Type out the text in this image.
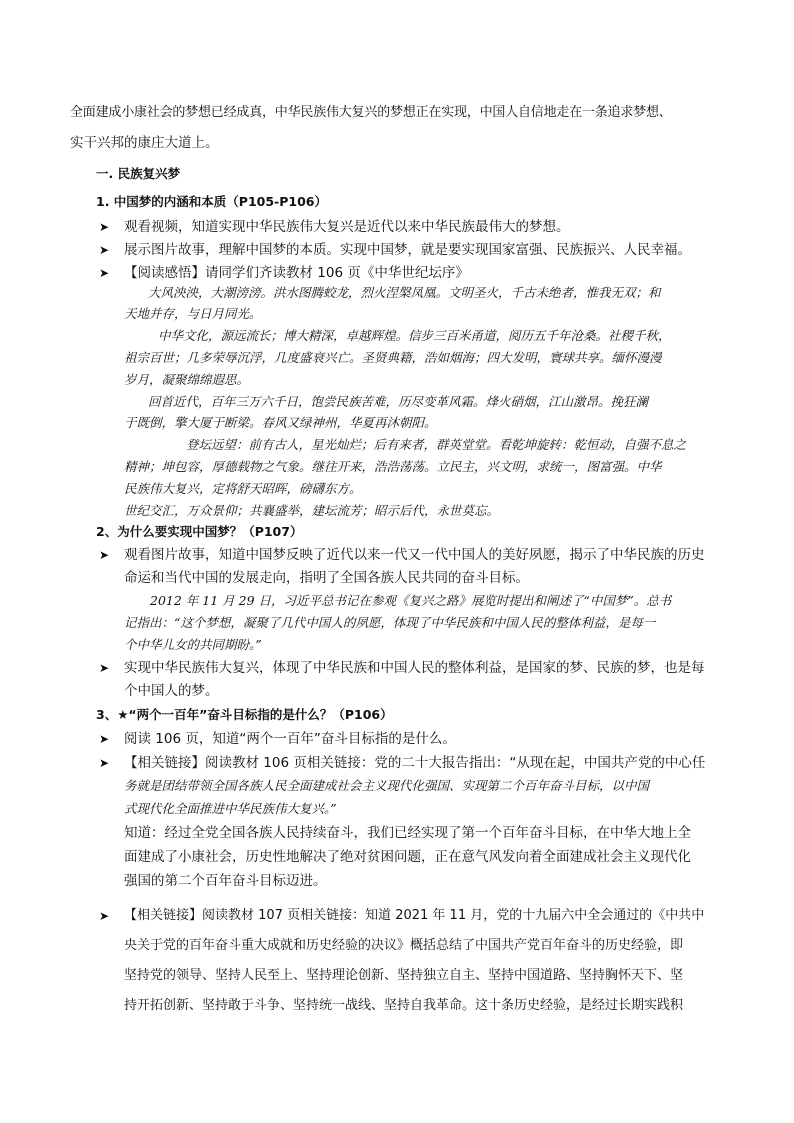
全面建成小康社会的梦想已经成真，中华民族伟大复兴的梦想正在实现，中国人自信地走在一条追求梦想、
实干兴邦的康庄大道上。
一. 民族复兴梦
1. 中国梦的内涵和本质（P105-P106）
➤ 观看视频，知道实现中华民族伟大复兴是近代以来中华民族最伟大的梦想。
➤ 展示图片故事，理解中国梦的本质。实现中国梦，就是要实现国家富强、民族振兴、人民幸福。
➤ 【阅读感悟】请同学们齐读教材 106 页《中华世纪坛序》
大风泱泱，大潮滂滂。洪水图腾蛟龙，烈火涅槃凤凰。文明圣火，千古未绝者，惟我无双；和
天地并存，与日月同光。
中华文化，源远流长；博大精深，卓越辉煌。信步三百米甬道，阅历五千年沧桑。社稷千秋，
祖宗百世；几多荣辱沉浮，几度盛衰兴亡。圣贤典籍，浩如烟海；四大发明，寰球共享。缅怀漫漫
岁月，凝聚绵绵遐思。
回首近代，百年三万六千日，饱尝民族苦难，历尽变革风霜。烽火硝烟，江山激昂。挽狂澜
于既倒，擎大厦于断梁。春风又绿神州，华夏再沐朝阳。
登坛远望：前有古人，星光灿烂；后有来者，群英堂堂。看乾坤旋转：乾恒动，自强不息之
精神；坤包容，厚德载物之气象。继往开来，浩浩荡荡。立民主，兴文明，求统一，图富强。中华
民族伟大复兴，定将舒天昭晖，磅礴东方。
世纪交汇，万众景仰；共襄盛举，建坛流芳；昭示后代，永世莫忘。
2、为什么要实现中国梦？（P107）
➤ 观看图片故事，知道中国梦反映了近代以来一代又一代中国人的美好夙愿，揭示了中华民族的历史
命运和当代中国的发展走向，指明了全国各族人民共同的奋斗目标。
2012 年 11 月 29 日，习近平总书记在参观《复兴之路》展览时提出和阐述了“中国梦”。总书
记指出：“这个梦想，凝聚了几代中国人的夙愿，体现了中华民族和中国人民的整体利益，是每一
个中华儿女的共同期盼。”
➤ 实现中华民族伟大复兴，体现了中华民族和中国人民的整体利益，是国家的梦、民族的梦，也是每
个中国人的梦。
3、★“两个一百年”奋斗目标指的是什么？（P106）
➤ 阅读 106 页，知道“两个一百年”奋斗目标指的是什么。
➤ 【相关链接】阅读教材 106 页相关链接：党的二十大报告指出：“从现在起，中国共产党的中心任
务就是团结带领全国各族人民全面建成社会主义现代化强国、实现第二个百年奋斗目标，以中国
式现代化全面推进中华民族伟大复兴。”
知道：经过全党全国各族人民持续奋斗，我们已经实现了第一个百年奋斗目标，在中华大地上全
面建成了小康社会，历史性地解决了绝对贫困问题，正在意气风发向着全面建成社会主义现代化
强国的第二个百年奋斗目标迈进。
➤ 【相关链接】阅读教材 107 页相关链接：知道 2021 年 11 月，党的十九届六中全会通过的《中共中
央关于党的百年奋斗重大成就和历史经验的决议》概括总结了中国共产党百年奋斗的历史经验，即
坚持党的领导、坚持人民至上、坚持理论创新、坚持独立自主、坚持中国道路、坚持胸怀天下、坚
持开拓创新、坚持敢于斗争、坚持统一战线、坚持自我革命。这十条历史经验，是经过长期实践积
